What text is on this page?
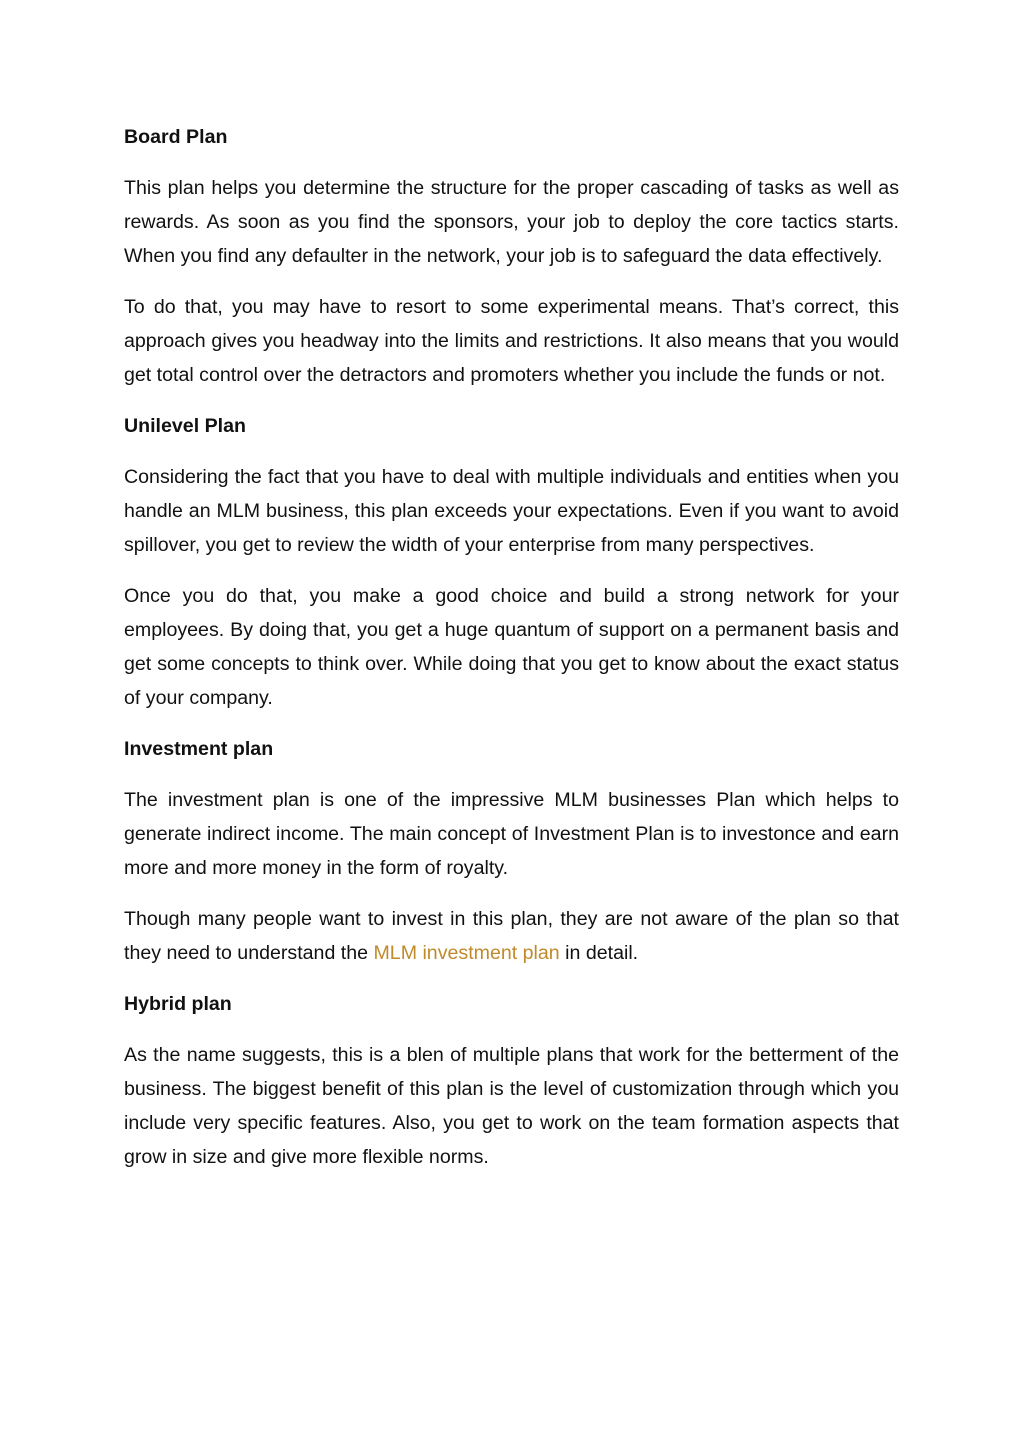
Board Plan

This plan helps you determine the structure for the proper cascading of tasks as well as rewards. As soon as you find the sponsors, your job to deploy the core tactics starts. When you find any defaulter in the network, your job is to safeguard the data effectively.

To do that, you may have to resort to some experimental means. That’s correct, this approach gives you headway into the limits and restrictions. It also means that you would get total control over the detractors and promoters whether you include the funds or not.

Unilevel Plan

Considering the fact that you have to deal with multiple individuals and entities when you handle an MLM business, this plan exceeds your expectations. Even if you want to avoid spillover, you get to review the width of your enterprise from many perspectives.

Once you do that, you make a good choice and build a strong network for your employees. By doing that, you get a huge quantum of support on a permanent basis and get some concepts to think over. While doing that you get to know about the exact status of your company.

Investment plan

The investment plan is one of the impressive MLM businesses Plan which helps to generate indirect income. The main concept of Investment Plan is to investonce and earn more and more money in the form of royalty.

Though many people want to invest in this plan, they are not aware of the plan so that they need to understand the MLM investment plan in detail.

Hybrid plan

As the name suggests, this is a blen of multiple plans that work for the betterment of the business. The biggest benefit of this plan is the level of customization through which you include very specific features. Also, you get to work on the team formation aspects that grow in size and give more flexible norms.
